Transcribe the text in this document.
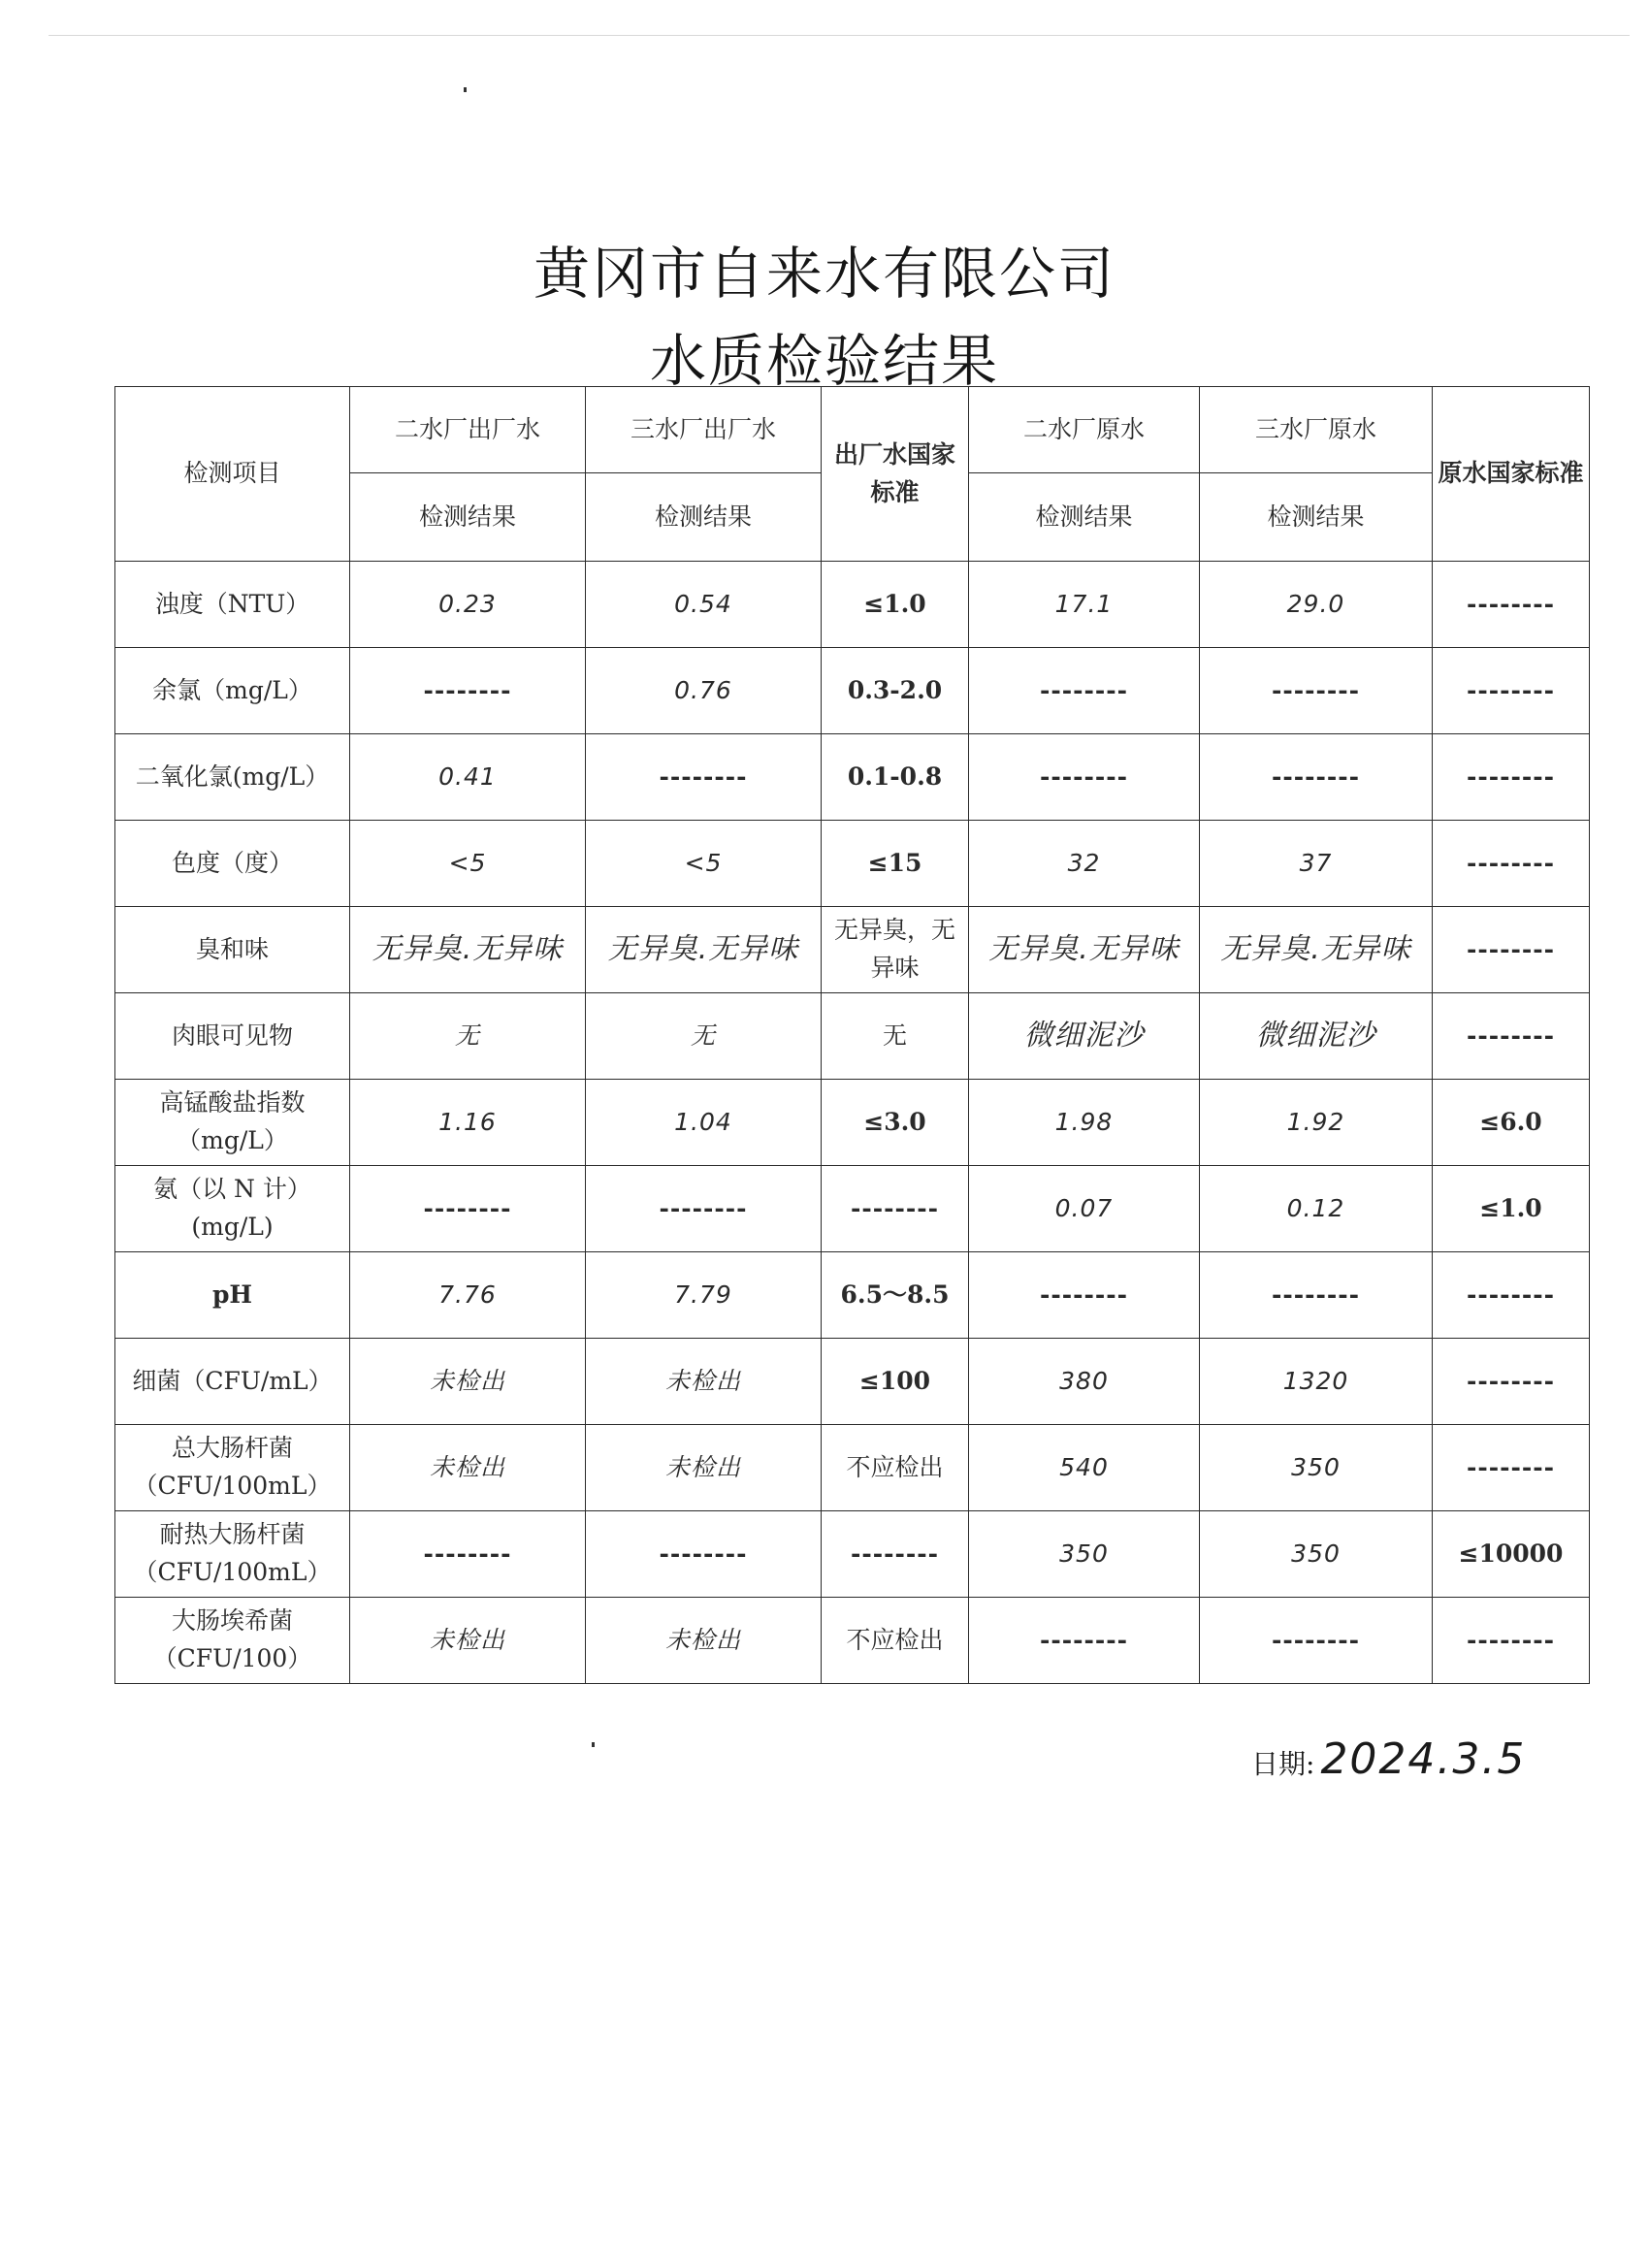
黄冈市自来水有限公司
水质检验结果
检测项目	二水厂出厂水	三水厂出厂水	出厂水国家标准	二水厂原水	三水厂原水	原水国家标准
	检测结果	检测结果		检测结果	检测结果	
浊度（NTU）	0.23	0.54	≤1.0	17.1	29.0	--------
余氯（mg/L）	--------	0.76	0.3-2.0	--------	--------	--------
二氧化氯(mg/L）	0.41	--------	0.1-0.8	--------	--------	--------
色度（度）	<5	<5	≤15	32	37	--------
臭和味	无异臭.无异味	无异臭.无异味	无异臭，无异味	无异臭.无异味	无异臭.无异味	--------
肉眼可见物	无	无	无	微细泥沙	微细泥沙	--------
高锰酸盐指数（mg/L）	1.16	1.04	≤3.0	1.98	1.92	≤6.0
氨（以 N 计）(mg/L)	--------	--------	--------	0.07	0.12	≤1.0
pH	7.76	7.79	6.5～8.5	--------	--------	--------
细菌（CFU/mL）	未检出	未检出	≤100	380	1320	--------
总大肠杆菌（CFU/100mL）	未检出	未检出	不应检出	540	350	--------
耐热大肠杆菌（CFU/100mL）	--------	--------	--------	350	350	≤10000
大肠埃希菌（CFU/100）	未检出	未检出	不应检出	--------	--------	--------
日期: 2024.3.5
